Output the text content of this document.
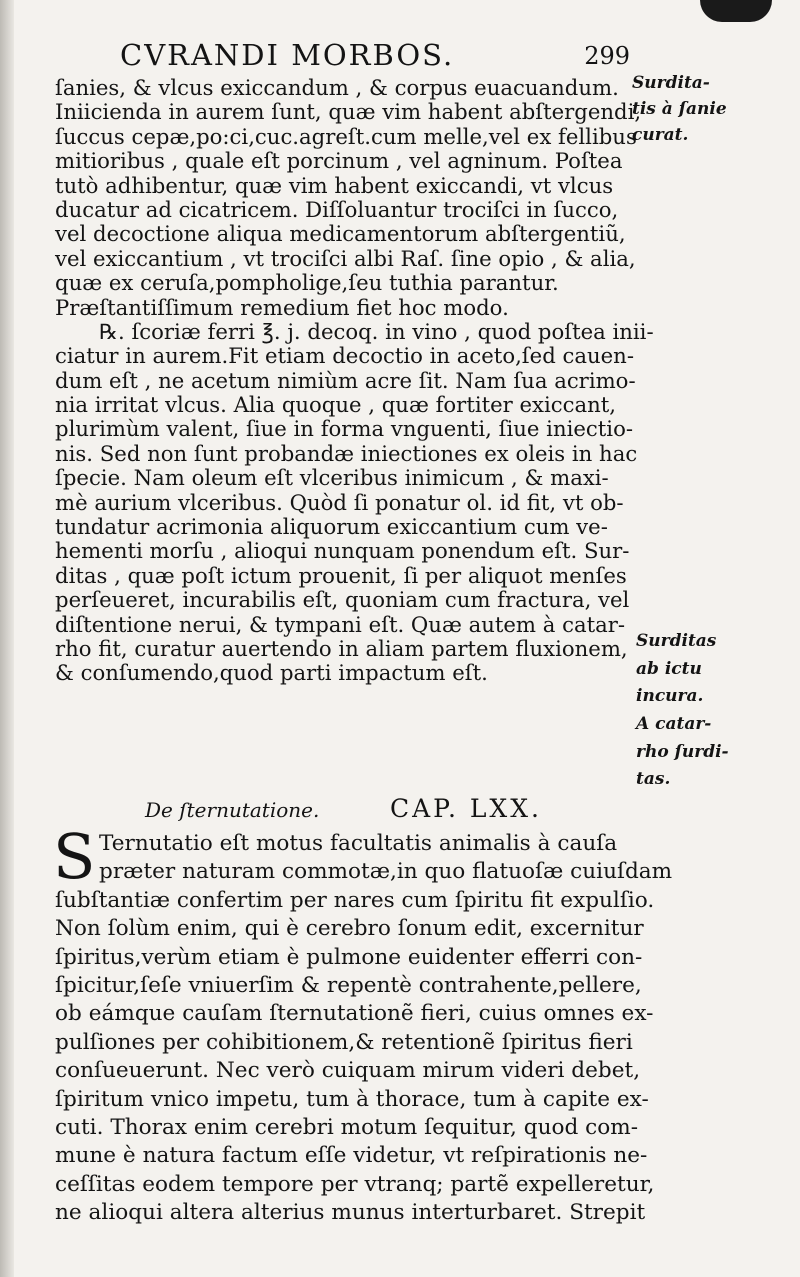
CVRANDI MORBOS.	299
ſanies, & vlcus exiccandum , & corpus euacuandum.
Iniicienda in aurem ſunt, quæ vim habent abſtergendi,
ſuccus cepæ,po:ci,cuc.agreſt.cum melle,vel ex fellibus
mitioribus , quale eſt porcinum , vel agninum. Poſtea
tutò adhibentur, quæ vim habent exiccandi, vt vlcus
ducatur ad cicatricem. Diſſoluantur trociſci in ſucco,
vel decoctione aliqua medicamentorum abſtergentiũ,
vel exiccantium , vt trociſci albi Raſ. ſine opio , & alia,
quæ ex ceruſa,pompholige,ſeu tuthia parantur.
Præſtantiſſimum remedium fiet hoc modo.
℞. ſcoriæ ferri ℥. j. decoq. in vino , quod poſtea inii-
ciatur in aurem.Fit etiam decoctio in aceto,ſed cauen-
dum eſt , ne acetum nimiùm acre ſit. Nam ſua acrimo-
nia irritat vlcus. Alia quoque , quæ fortiter exiccant,
plurimùm valent, ſiue in forma vnguenti, ſiue iniectio-
nis. Sed non ſunt probandæ iniectiones ex oleis in hac
ſpecie. Nam oleum eſt vlceribus inimicum , & maxi-
mè aurium vlceribus. Quòd ſi ponatur ol. id fit, vt ob-
tundatur acrimonia aliquorum exiccantium cum ve-
hementi morſu , alioqui nunquam ponendum eſt. Sur-
ditas , quæ poſt ictum prouenit, ſi per aliquot menſes
perſeueret, incurabilis eſt, quoniam cum fractura, vel
diſtentione nerui, & tympani eſt. Quæ autem à catar-
rho fit, curatur auertendo in aliam partem fluxionem,
& conſumendo,quod parti impactum eſt.
De ſternutatione.	CAP. LXX.
S Ternutatio eſt motus facultatis animalis à cauſa
præter naturam commotæ,in quo flatuoſæ cuiuſdam
ſubſtantiæ confertim per nares cum ſpiritu fit expulſio.
Non ſolùm enim, qui è cerebro ſonum edit, excernitur
ſpiritus,verùm etiam è pulmone euidenter efferri con-
ſpicitur,ſeſe vniuerſim & repentè contrahente,pellere,
ob eámque cauſam ſternutationẽ fieri, cuius omnes ex-
pulſiones per cohibitionem,& retentionẽ ſpiritus fieri
conſueuerunt. Nec verò cuiquam mirum videri debet,
ſpiritum vnico impetu, tum à thorace, tum à capite ex-
cuti. Thorax enim cerebri motum ſequitur, quod com-
mune è natura factum eſſe videtur, vt reſpirationis ne-
ceſſitas eodem tempore per vtranq; partẽ expelleretur,
ne alioqui altera alterius munus interturbaret. Strepit
Surdita-
tis à ſanie
curat.
Surditas
ab ictu
incura.
A catar-
rho ſurdi-
tas.
